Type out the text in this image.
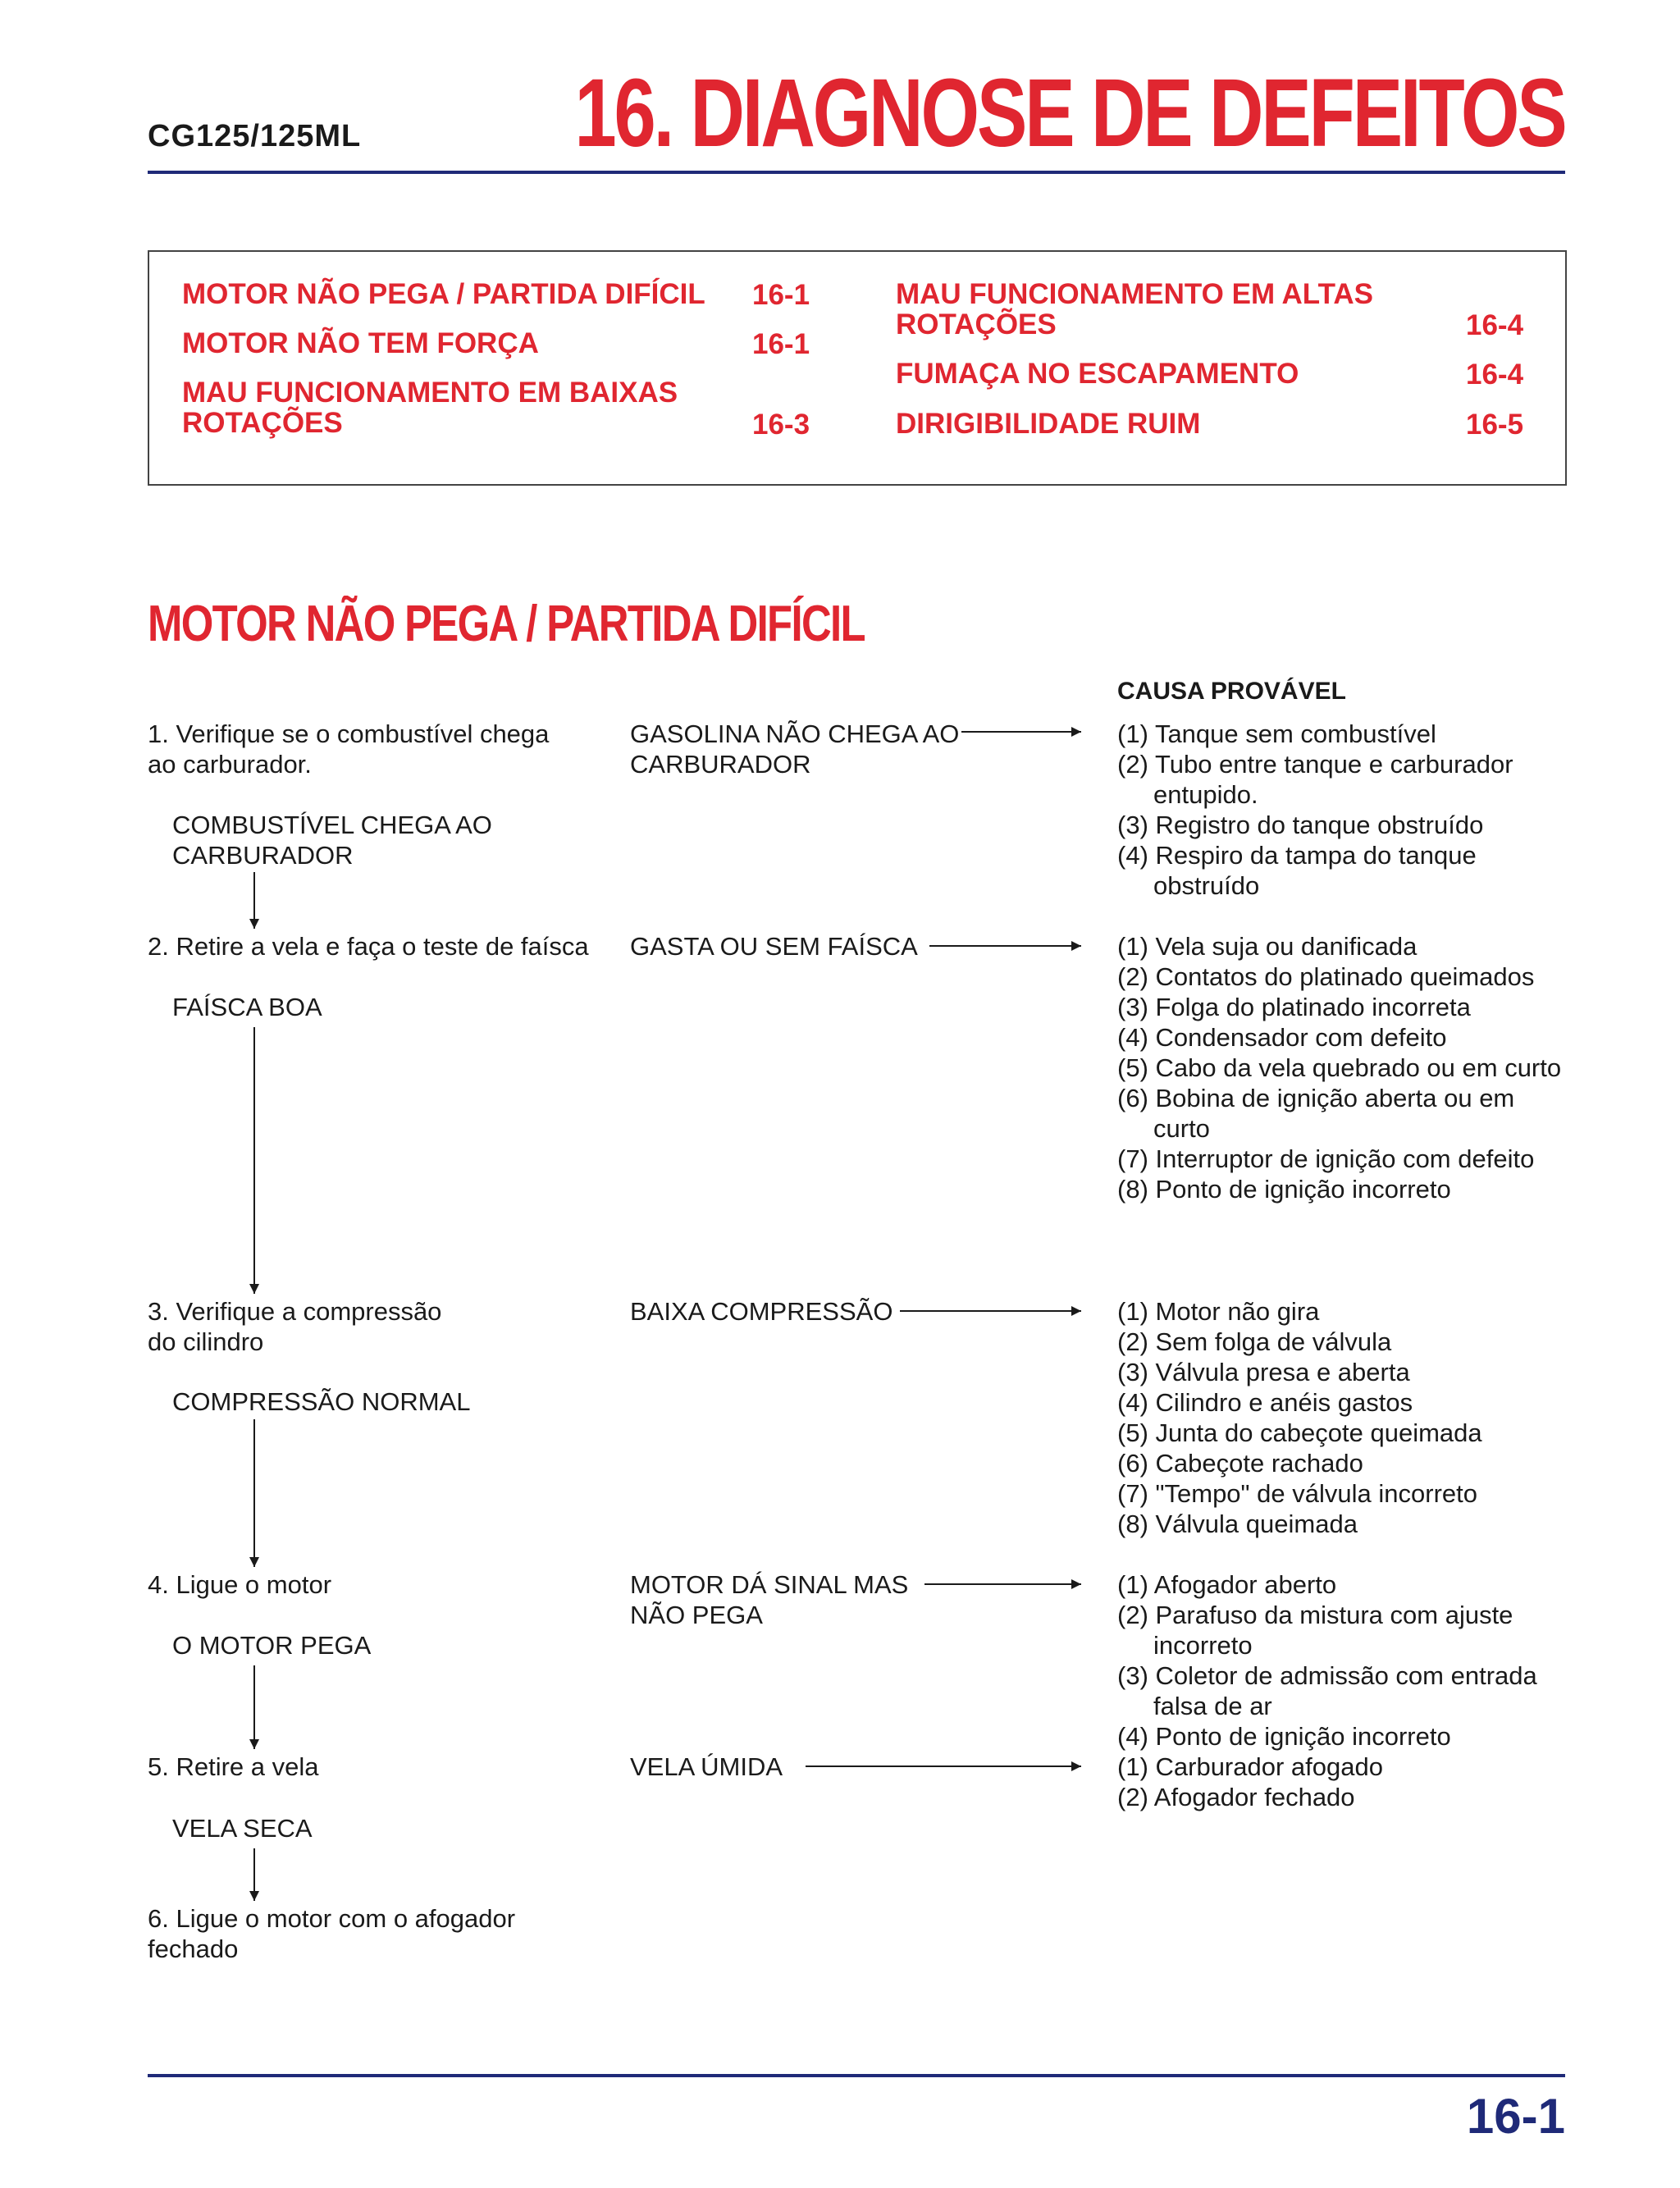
CG125/125ML 16. DIAGNOSE DE DEFEITOS
MOTOR NÃO PEGA / PARTIDA DIFÍCIL	16-1
MOTOR NÃO TEM FORÇA	16-1
MAU FUNCIONAMENTO EM BAIXAS
ROTAÇÕES	16-3
MAU FUNCIONAMENTO EM ALTAS
ROTAÇÕES	16-4
FUMAÇA NO ESCAPAMENTO	16-4
DIRIGIBILIDADE RUIM	16-5
MOTOR NÃO PEGA / PARTIDA DIFÍCIL
CAUSA PROVÁVEL
1. Verifique se o combustível chega
ao carburador.
COMBUSTÍVEL CHEGA AO
CARBURADOR
GASOLINA NÃO CHEGA AO
CARBURADOR
(1) Tanque sem combustível
(2) Tubo entre tanque e carburador entupido.
(3) Registro do tanque obstruído
(4) Respiro da tampa do tanque obstruído
2. Retire a vela e faça o teste de faísca
FAÍSCA BOA
GASTA OU SEM FAÍSCA	(1) Vela suja ou danificada
(2) Contatos do platinado queimados
(3) Folga do platinado incorreta
(4) Condensador com defeito
(5) Cabo da vela quebrado ou em curto
(6) Bobina de ignição aberta ou em curto
(7) Interruptor de ignição com defeito
(8) Ponto de ignição incorreto
3. Verifique a compressão
do cilindro
COMPRESSÃO NORMAL
BAIXA COMPRESSÃO	(1) Motor não gira
(2) Sem folga de válvula
(3) Válvula presa e aberta
(4) Cilindro e anéis gastos
(5) Junta do cabeçote queimada
(6) Cabeçote rachado
(7) "Tempo" de válvula incorreto
(8) Válvula queimada
4. Ligue o motor
O MOTOR PEGA
MOTOR DÁ SINAL MAS
NÃO PEGA
(1) Afogador aberto
(2) Parafuso da mistura com ajuste incorreto
(3) Coletor de admissão com entrada falsa de ar
(4) Ponto de ignição incorreto
5. Retire a vela
VELA SECA
VELA ÚMIDA	(1) Carburador afogado
(2) Afogador fechado
6. Ligue o motor com o afogador
fechado
16-1
